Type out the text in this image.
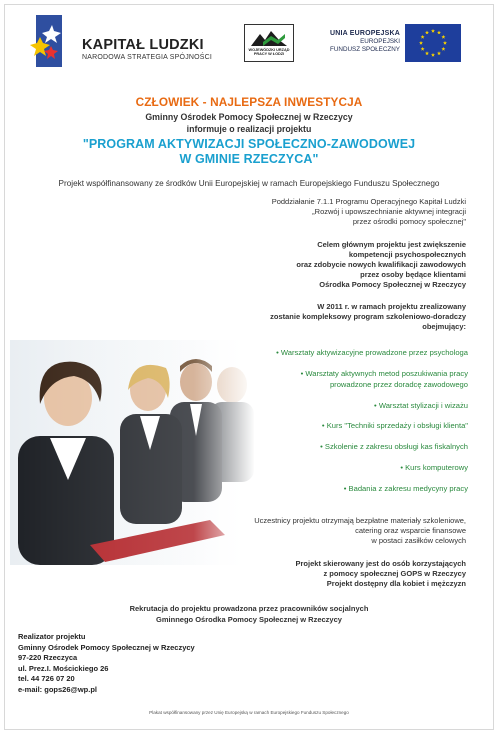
KAPITAŁ LUDZKI
NARODOWA STRATEGIA SPÓJNOŚCI
WOJEWÓDZKI URZĄD PRACY W ŁODZI
UNIA EUROPEJSKA
EUROPEJSKI
FUNDUSZ SPOŁECZNY
CZŁOWIEK - NAJLEPSZA INWESTYCJA
Gminny Ośrodek Pomocy Społecznej w Rzeczycy
informuje o realizacji projektu
"PROGRAM AKTYWIZACJI SPOŁECZNO-ZAWODOWEJ
W GMINIE RZECZYCA"
Projekt współfinansowany ze środków Unii Europejskiej w ramach Europejskiego Funduszu Społecznego
Poddziałanie 7.1.1 Programu Operacyjnego Kapitał Ludzki
„Rozwój i upowszechnianie aktywnej integracji
przez ośrodki pomocy społecznej"
Celem głównym projektu jest zwiększenie
kompetencji psychospołecznych
oraz zdobycie nowych kwalifikacji zawodowych
przez osoby będące klientami
Ośrodka Pomocy Społecznej w Rzeczycy
W 2011 r. w ramach projektu zrealizowany
zostanie kompleksowy program szkoleniowo-doradczy obejmujący:
• Warsztaty aktywizacyjne prowadzone przez psychologa
• Warsztaty aktywnych metod poszukiwania pracy
prowadzone przez doradcę zawodowego
• Warsztat stylizacji i wizażu
• Kurs "Techniki sprzedaży i obsługi klienta"
• Szkolenie z zakresu obsługi kas fiskalnych
• Kurs komputerowy
• Badania z zakresu medycyny pracy
Uczestnicy projektu otrzymają bezpłatne materiały szkoleniowe,
catering oraz wsparcie finansowe
w postaci zasiłków celowych
Projekt skierowany jest do osób korzystających
z pomocy społecznej GOPS w Rzeczycy
Projekt dostępny dla kobiet i mężczyzn
Rekrutacja do projektu prowadzona przez pracowników socjalnych
Gminnego Ośrodka Pomocy Społecznej w Rzeczycy
Realizator projektu
Gminny Ośrodek Pomocy Społecznej w Rzeczycy
97-220 Rzeczyca
ul. Prez.I. Mościckiego 26
tel. 44 726 07 20
e-mail: gops26@wp.pl
Plakat współfinansowany przez Unię Europejską w ramach Europejskiego Funduszu Społecznego
